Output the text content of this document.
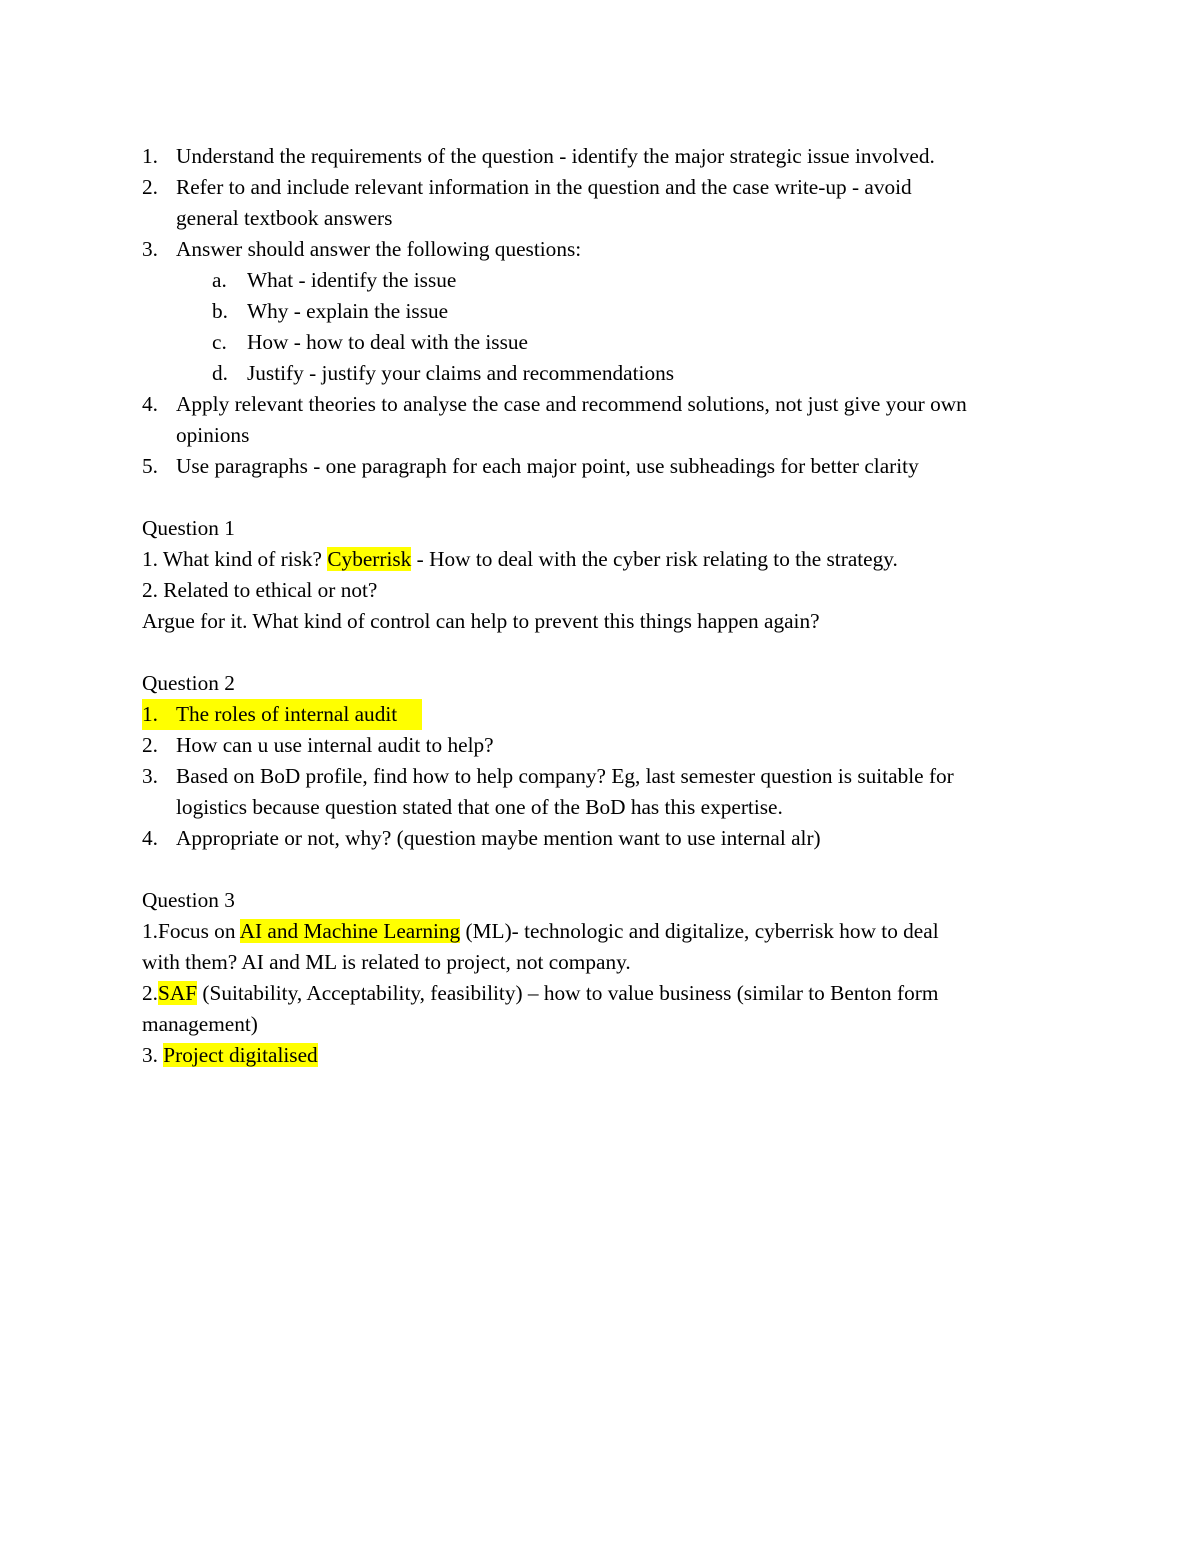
1. Understand the requirements of the question - identify the major strategic issue involved.
2. Refer to and include relevant information in the question and the case write-up - avoid
general textbook answers
3. Answer should answer the following questions:
a. What - identify the issue
b. Why - explain the issue
c. How - how to deal with the issue
d. Justify - justify your claims and recommendations
4. Apply relevant theories to analyse the case and recommend solutions, not just give your own
opinions
5. Use paragraphs - one paragraph for each major point, use subheadings for better clarity
Question 1
1. What kind of risk? Cyberrisk - How to deal with the cyber risk relating to the strategy.
2. Related to ethical or not?
Argue for it. What kind of control can help to prevent this things happen again?
Question 2
1. The roles of internal audit
2. How can u use internal audit to help?
3. Based on BoD profile, find how to help company? Eg, last semester question is suitable for
logistics because question stated that one of the BoD has this expertise.
4. Appropriate or not, why? (question maybe mention want to use internal alr)
Question 3
1.Focus on AI and Machine Learning (ML)- technologic and digitalize, cyberrisk how to deal
with them? AI and ML is related to project, not company.
2.SAF (Suitability, Acceptability, feasibility) – how to value business (similar to Benton form
management)
3. Project digitalised
